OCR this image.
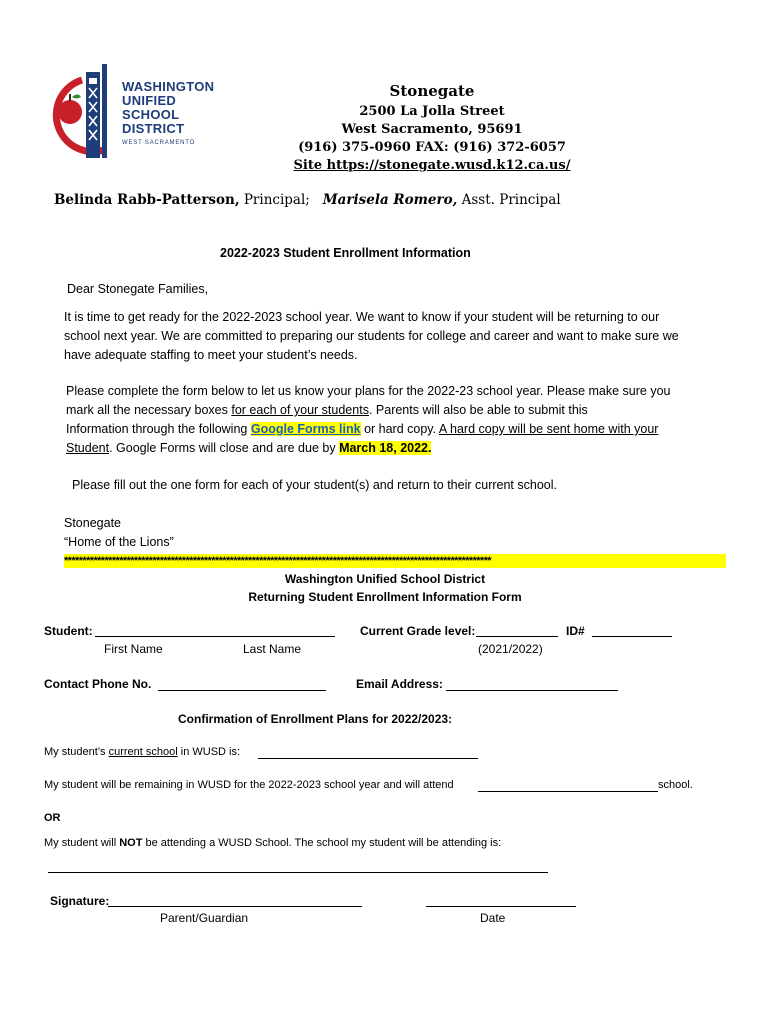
WASHINGTON
UNIFIED
SCHOOL
DISTRICT
WEST SACRAMENTO
Stonegate
2500 La Jolla Street
West Sacramento, 95691
(916) 375-0960 FAX: (916) 372-6057
Site https://stonegate.wusd.k12.ca.us/
Belinda Rabb-Patterson, Principal; Marisela Romero, Asst. Principal
2022-2023 Student Enrollment Information
Dear Stonegate Families,
It is time to get ready for the 2022-2023 school year. We want to know if your student will be returning to our
school next year. We are committed to preparing our students for college and career and want to make sure we
have adequate staffing to meet your student’s needs.
Please complete the form below to let us know your plans for the 2022-23 school year. Please make sure you
mark all the necessary boxes for each of your students. Parents will also be able to submit this
Information through the following Google Forms link or hard copy. A hard copy will be sent home with your
Student. Google Forms will close and are due by March 18, 2022.
Please fill out the one form for each of your student(s) and return to their current school.
Stonegate
“Home of the Lions”
********************************************************************************************************************
Washington Unified School District
Returning Student Enrollment Information Form
Student:
First Name	Last Name
Current Grade level:	ID#
(2021/2022)
Contact Phone No.	Email Address:
Confirmation of Enrollment Plans for 2022/2023:
My student’s current school in WUSD is:
My student will be remaining in WUSD for the 2022-2023 school year and will attend	school.
OR
My student will NOT be attending a WUSD School. The school my student will be attending is:
Signature:
Parent/Guardian	Date
